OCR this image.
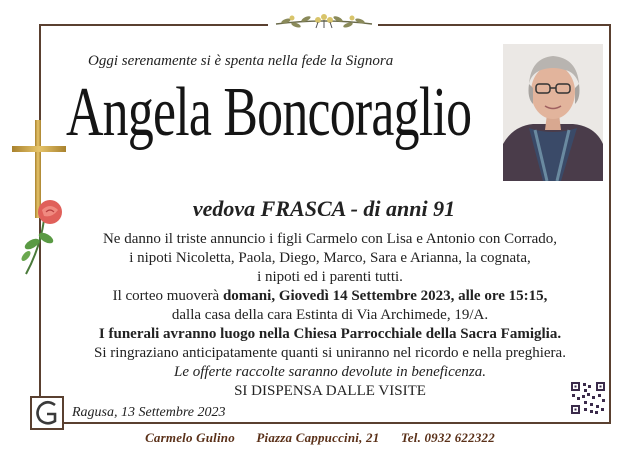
Oggi serenamente si è spenta nella fede la Signora
Angela Boncoraglio
vedova FRASCA - di anni 91
Ne danno il triste annuncio i figli Carmelo con Lisa e Antonio con Corrado,
i nipoti Nicoletta, Paola, Diego, Marco, Sara e Arianna, la cognata,
i nipoti ed i parenti tutti.
Il corteo muoverà domani, Giovedì 14 Settembre 2023, alle ore 15:15,
dalla casa della cara Estinta di Via Archimede, 19/A.
I funerali avranno luogo nella Chiesa Parrocchiale della Sacra Famiglia.
Si ringraziano anticipatamente quanti si uniranno nel ricordo e nella preghiera.
Le offerte raccolte saranno devolute in beneficenza.
SI DISPENSA DALLE VISITE
Ragusa, 13 Settembre 2023
Carmelo Gulino Piazza Cappuccini, 21 Tel. 0932 622322
